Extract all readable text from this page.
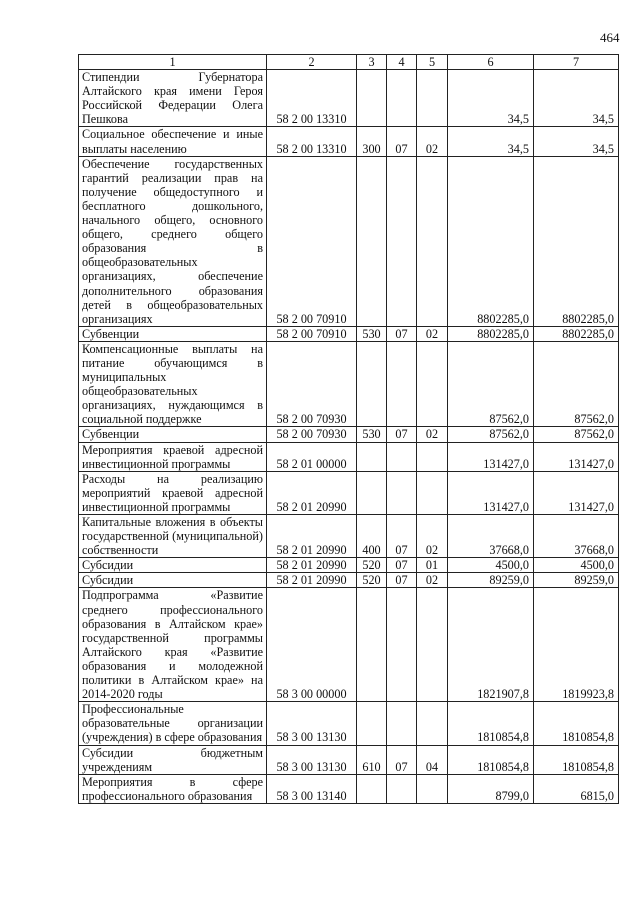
464
1	2	3	4	5	6	7
Стипендии Губернатора Алтайского края имени Героя Российской Федерации Олега Пешкова	58 2 00 13310				34,5	34,5
Социальное обеспечение и иные выплаты населению	58 2 00 13310	300	07	02	34,5	34,5
Обеспечение государственных гарантий реализации прав на получение общедоступного и бесплатного дошкольного, начального общего, основного общего, среднего общего образования в общеобразовательных организациях, обеспечение дополнительного образования детей в общеобразовательных организациях	58 2 00 70910				8802285,0	8802285,0
Субвенции	58 2 00 70910	530	07	02	8802285,0	8802285,0
Компенсационные выплаты на питание обучающимся в муниципальных общеобразовательных организациях, нуждающимся в социальной поддержке	58 2 00 70930				87562,0	87562,0
Субвенции	58 2 00 70930	530	07	02	87562,0	87562,0
Мероприятия краевой адресной инвестиционной программы	58 2 01 00000				131427,0	131427,0
Расходы на реализацию мероприятий краевой адресной инвестиционной программы	58 2 01 20990				131427,0	131427,0
Капитальные вложения в объекты государственной (муниципальной) собственности	58 2 01 20990	400	07	02	37668,0	37668,0
Субсидии	58 2 01 20990	520	07	01	4500,0	4500,0
Субсидии	58 2 01 20990	520	07	02	89259,0	89259,0
Подпрограмма «Развитие среднего профессионального образования в Алтайском крае» государственной программы Алтайского края «Развитие образования и молодежной политики в Алтайском крае» на 2014-2020 годы	58 3 00 00000				1821907,8	1819923,8
Профессиональные образовательные организации (учреждения) в сфере образования	58 3 00 13130				1810854,8	1810854,8
Субсидии бюджетным учреждениям	58 3 00 13130	610	07	04	1810854,8	1810854,8
Мероприятия в сфере профессионального образования	58 3 00 13140				8799,0	6815,0
